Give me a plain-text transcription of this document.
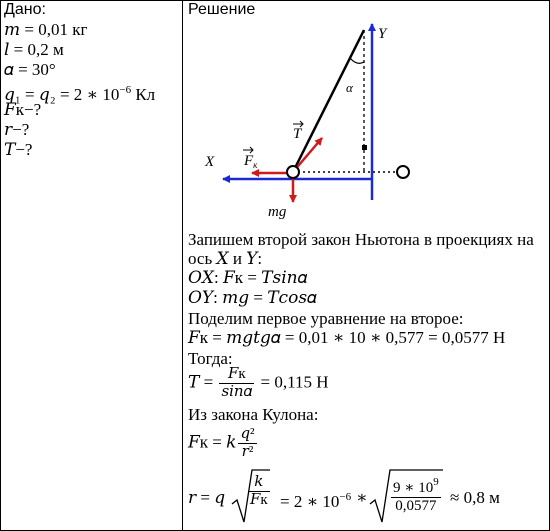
Дано:
𝑚 = 0,01 кг
𝑙 = 0,2 м
𝛼 = 30°
𝑞₁ = 𝑞₂ = 2 ∗ $10^{-6}$ Кл
𝐹к−?
𝑟−?
𝑇−?
Решение
Y
X
α
T
$F_к$
mg
Запишем второй закон Ньютона в проекциях на
ось 𝑋 и 𝑌:
𝑂𝑋: 𝐹к = 𝑇𝑠𝑖𝑛𝛼
𝑂𝑌: 𝑚𝑔 = 𝑇𝑐𝑜𝑠𝛼
Поделим первое уравнение на второе:
𝐹к = 𝑚𝑔𝑡𝑔𝛼 = 0,01 ∗ 10 ∗ 0,577 = 0,0577 Н
Тогда:
𝑇 = $\frac{\text{𝐹к}}{\text{𝑠𝑖𝑛𝛼}} = 0,115$ Н
Из закона Кулона:
𝐹к = 𝑘 $\frac{\text{𝑞²}}{\text{𝑟²}}$
𝑟 = 𝑞
𝑘
𝐹к = 2 ∗ $10^{-6}$ ∗ $\frac{9 ∗ 10^9}{0,0577} \approx 0,8$ м
